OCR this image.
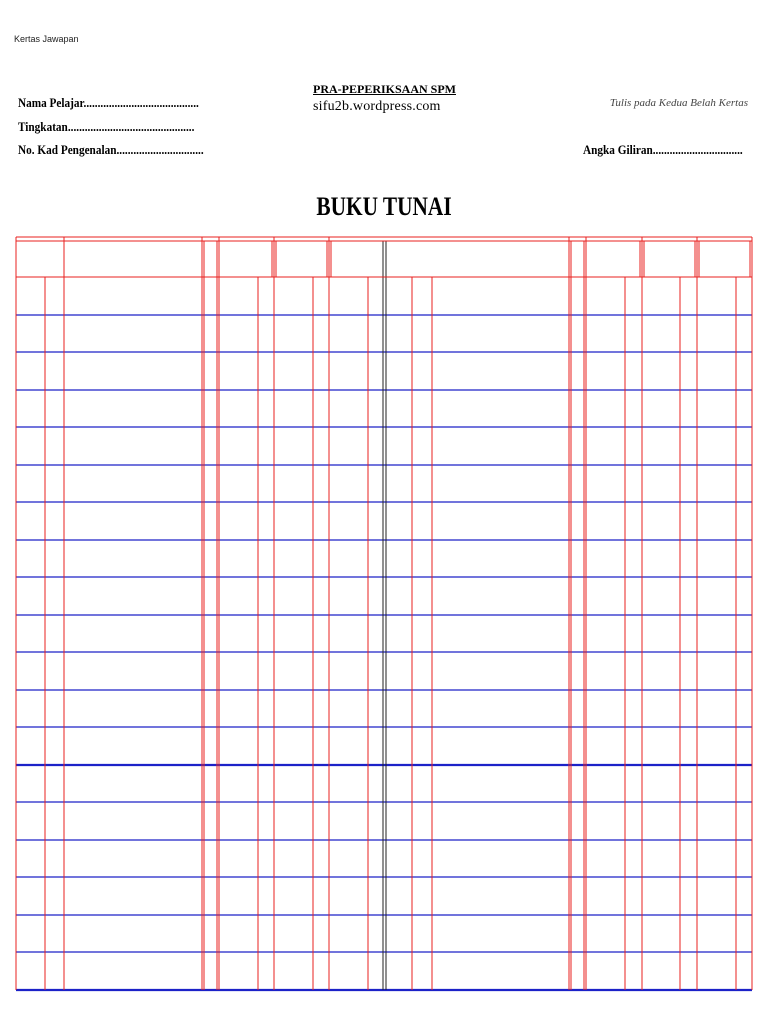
Kertas Jawapan
PRA-PEPERIKSAAN SPM
sifu2b.wordpress.com	Tulis pada Kedua Belah Kertas
Nama Pelajar.........................................
Tingkatan.............................................
No. Kad Pengenalan...............................	Angka Giliran................................
BUKU TUNAI
